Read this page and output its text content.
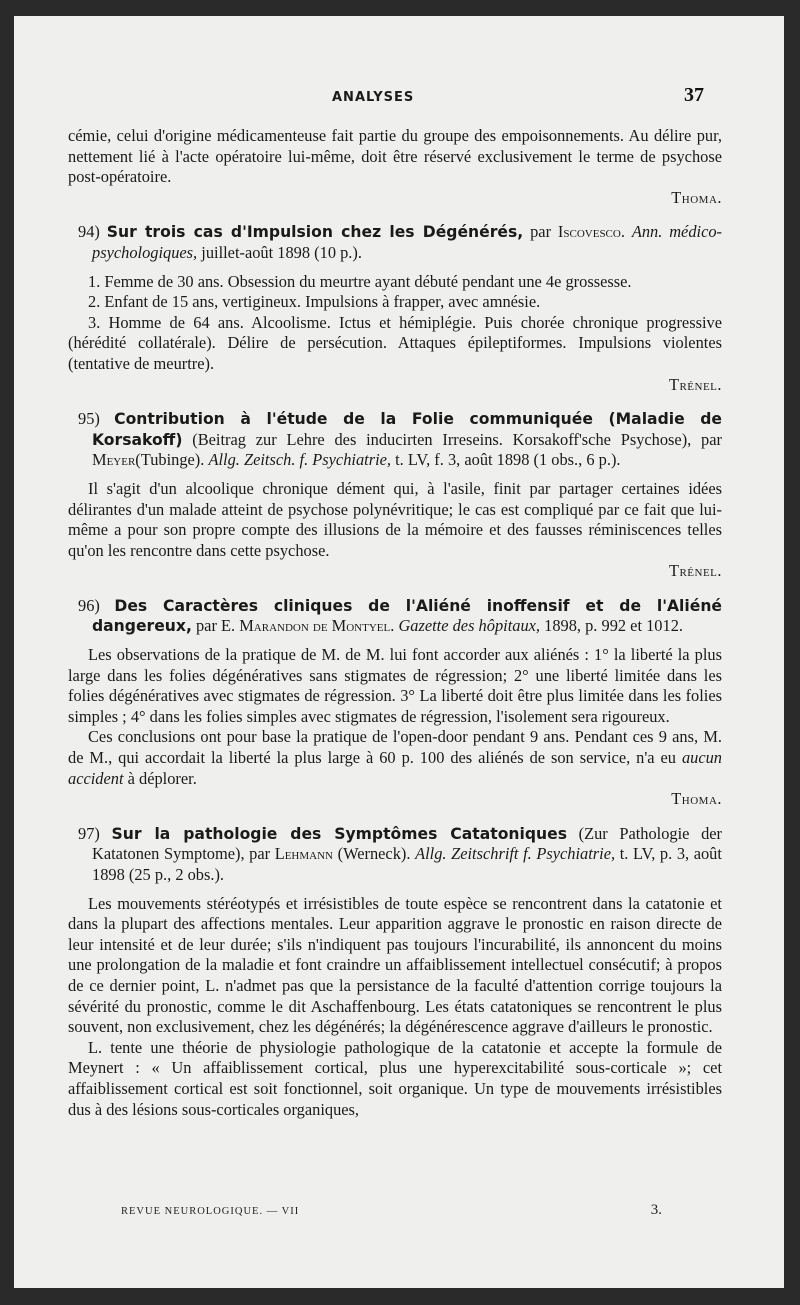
ANALYSES	37

cémie, celui d'origine médicamenteuse fait partie du groupe des empoisonnements. Au délire pur, nettement lié à l'acte opératoire lui-même, doit être réservé exclusivement le terme de psychose post-opératoire.

Thoma.

94) Sur trois cas d'Impulsion chez les Dégénérés, par Iscovesco. Ann. médico-psychologiques, juillet-août 1898 (10 p.).

1. Femme de 30 ans. Obsession du meurtre ayant débuté pendant une 4e grossesse.

2. Enfant de 15 ans, vertigineux. Impulsions à frapper, avec amnésie.

3. Homme de 64 ans. Alcoolisme. Ictus et hémiplégie. Puis chorée chronique progressive (hérédité collatérale). Délire de persécution. Attaques épileptiformes. Impulsions violentes (tentative de meurtre).

Trénel.

95) Contribution à l'étude de la Folie communiquée (Maladie de Korsakoff) (Beitrag zur Lehre des inducirten Irreseins. Korsakoff'sche Psychose), par Meyer(Tubinge). Allg. Zeitsch. f. Psychiatrie, t. LV, f. 3, août 1898 (1 obs., 6 p.).

Il s'agit d'un alcoolique chronique dément qui, à l'asile, finit par partager certaines idées délirantes d'un malade atteint de psychose polynévritique; le cas est compliqué par ce fait que lui-même a pour son propre compte des illusions de la mémoire et des fausses réminiscences telles qu'on les rencontre dans cette psychose.

Trénel.

96) Des Caractères cliniques de l'Aliéné inoffensif et de l'Aliéné dangereux, par E. Marandon de Montyel. Gazette des hôpitaux, 1898, p. 992 et 1012.

Les observations de la pratique de M. de M. lui font accorder aux aliénés : 1° la liberté la plus large dans les folies dégénératives sans stigmates de régression; 2° une liberté limitée dans les folies dégénératives avec stigmates de régression. 3° La liberté doit être plus limitée dans les folies simples ; 4° dans les folies simples avec stigmates de régression, l'isolement sera rigoureux.

Ces conclusions ont pour base la pratique de l'open-door pendant 9 ans. Pendant ces 9 ans, M. de M., qui accordait la liberté la plus large à 60 p. 100 des aliénés de son service, n'a eu aucun accident à déplorer.

Thoma.

97) Sur la pathologie des Symptômes Catatoniques (Zur Pathologie der Katatonen Symptome), par Lehmann (Werneck). Allg. Zeitschrift f. Psychiatrie, t. LV, p. 3, août 1898 (25 p., 2 obs.).

Les mouvements stéréotypés et irrésistibles de toute espèce se rencontrent dans la catatonie et dans la plupart des affections mentales. Leur apparition aggrave le pronostic en raison directe de leur intensité et de leur durée; s'ils n'indiquent pas toujours l'incurabilité, ils annoncent du moins une prolongation de la maladie et font craindre un affaiblissement intellectuel consécutif; à propos de ce dernier point, L. n'admet pas que la persistance de la faculté d'attention corrige toujours la sévérité du pronostic, comme le dit Aschaffenbourg. Les états catatoniques se rencontrent le plus souvent, non exclusivement, chez les dégénérés; la dégénérescence aggrave d'ailleurs le pronostic.

L. tente une théorie de physiologie pathologique de la catatonie et accepte la formule de Meynert : « Un affaiblissement cortical, plus une hyperexcitabilité sous-corticale »; cet affaiblissement cortical est soit fonctionnel, soit organique. Un type de mouvements irrésistibles dus à des lésions sous-corticales organiques,

REVUE NEUROLOGIQUE. — VII	3.
